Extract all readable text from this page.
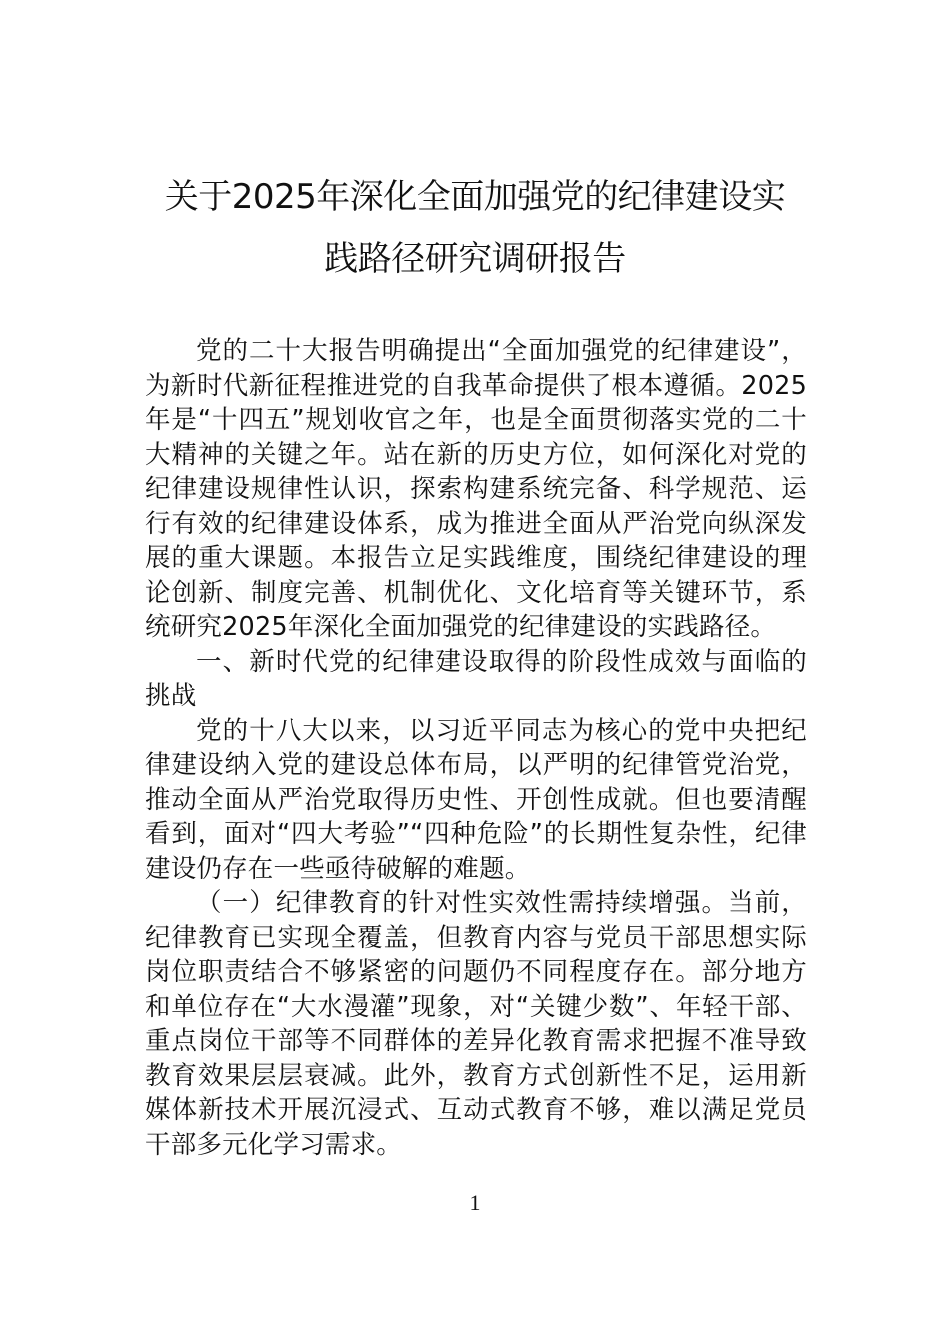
关于2025年深化全面加强党的纪律建设实
践路径研究调研报告

党的二十大报告明确提出“全面加强党的纪律建设”，为新时代新征程推进党的自我革命提供了根本遵循。2025年是“十四五”规划收官之年，也是全面贯彻落实党的二十大精神的关键之年。站在新的历史方位，如何深化对党的纪律建设规律性认识，探索构建系统完备、科学规范、运行有效的纪律建设体系，成为推进全面从严治党向纵深发展的重大课题。本报告立足实践维度，围绕纪律建设的理论创新、制度完善、机制优化、文化培育等关键环节，系统研究2025年深化全面加强党的纪律建设的实践路径。

一、新时代党的纪律建设取得的阶段性成效与面临的挑战

党的十八大以来，以习近平同志为核心的党中央把纪律建设纳入党的建设总体布局，以严明的纪律管党治党，推动全面从严治党取得历史性、开创性成就。但也要清醒看到，面对“四大考验”“四种危险”的长期性复杂性，纪律建设仍存在一些亟待破解的难题。

（一）纪律教育的针对性实效性需持续增强。当前，纪律教育已实现全覆盖，但教育内容与党员干部思想实际岗位职责结合不够紧密的问题仍不同程度存在。部分地方和单位存在“大水漫灌”现象，对“关键少数”、年轻干部、重点岗位干部等不同群体的差异化教育需求把握不准导致教育效果层层衰减。此外，教育方式创新性不足，运用新媒体新技术开展沉浸式、互动式教育不够，难以满足党员干部多元化学习需求。

1
